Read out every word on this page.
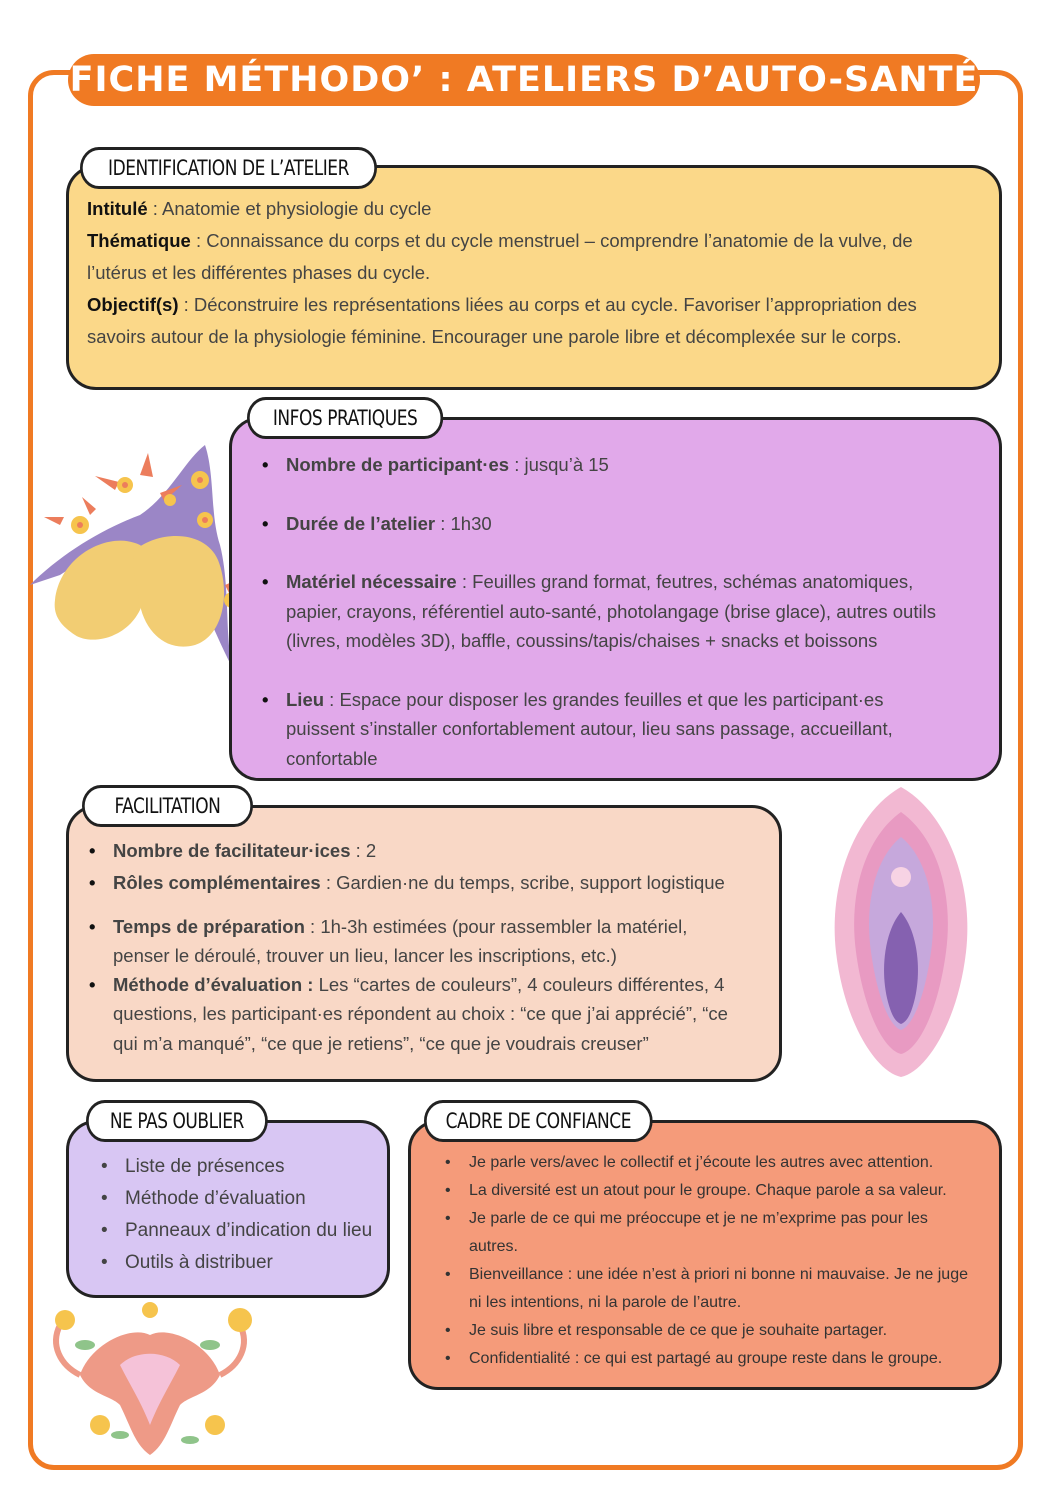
FICHE MÉTHODO’ : ATELIERS D’AUTO-SANTÉ
Intitulé : Anatomie et physiologie du cycle
Thématique : Connaissance du corps et du cycle menstruel – comprendre l’anatomie de la vulve, de l’utérus et les différentes phases du cycle.
Objectif(s) : Déconstruire les représentations liées au corps et au cycle. Favoriser l’appropriation des savoirs autour de la physiologie féminine. Encourager une parole libre et décomplexée sur le corps.
IDENTIFICATION DE L’ATELIER
• Nombre de participant·es : jusqu’à 15
• Durée de l’atelier : 1h30
• Matériel nécessaire : Feuilles grand format, feutres, schémas anatomiques, papier, crayons, référentiel auto-santé, photolangage (brise glace), autres outils (livres, modèles 3D), baffle, coussins/tapis/chaises + snacks et boissons
• Lieu : Espace pour disposer les grandes feuilles et que les participant·es puissent s’installer confortablement autour, lieu sans passage, accueillant, confortable
INFOS PRATIQUES
• Nombre de facilitateur·ices : 2
• Rôles complémentaires : Gardien·ne du temps, scribe, support logistique
• Temps de préparation : 1h-3h estimées (pour rassembler la matériel, penser le déroulé, trouver un lieu, lancer les inscriptions, etc.)
• Méthode d’évaluation : Les “cartes de couleurs”, 4 couleurs différentes, 4 questions, les participant·es répondent au choix : “ce que j’ai apprécié”, “ce qui m’a manqué”, “ce que je retiens”, “ce que je voudrais creuser”
FACILITATION
• Liste de présences
• Méthode d’évaluation
• Panneaux d’indication du lieu
• Outils à distribuer
NE PAS OUBLIER
• Je parle vers/avec le collectif et j’écoute les autres avec attention.
• La diversité est un atout pour le groupe. Chaque parole a sa valeur.
• Je parle de ce qui me préoccupe et je ne m’exprime pas pour les autres.
• Bienveillance : une idée n’est à priori ni bonne ni mauvaise. Je ne juge ni les intentions, ni la parole de l’autre.
• Je suis libre et responsable de ce que je souhaite partager.
• Confidentialité : ce qui est partagé au groupe reste dans le groupe.
CADRE DE CONFIANCE
